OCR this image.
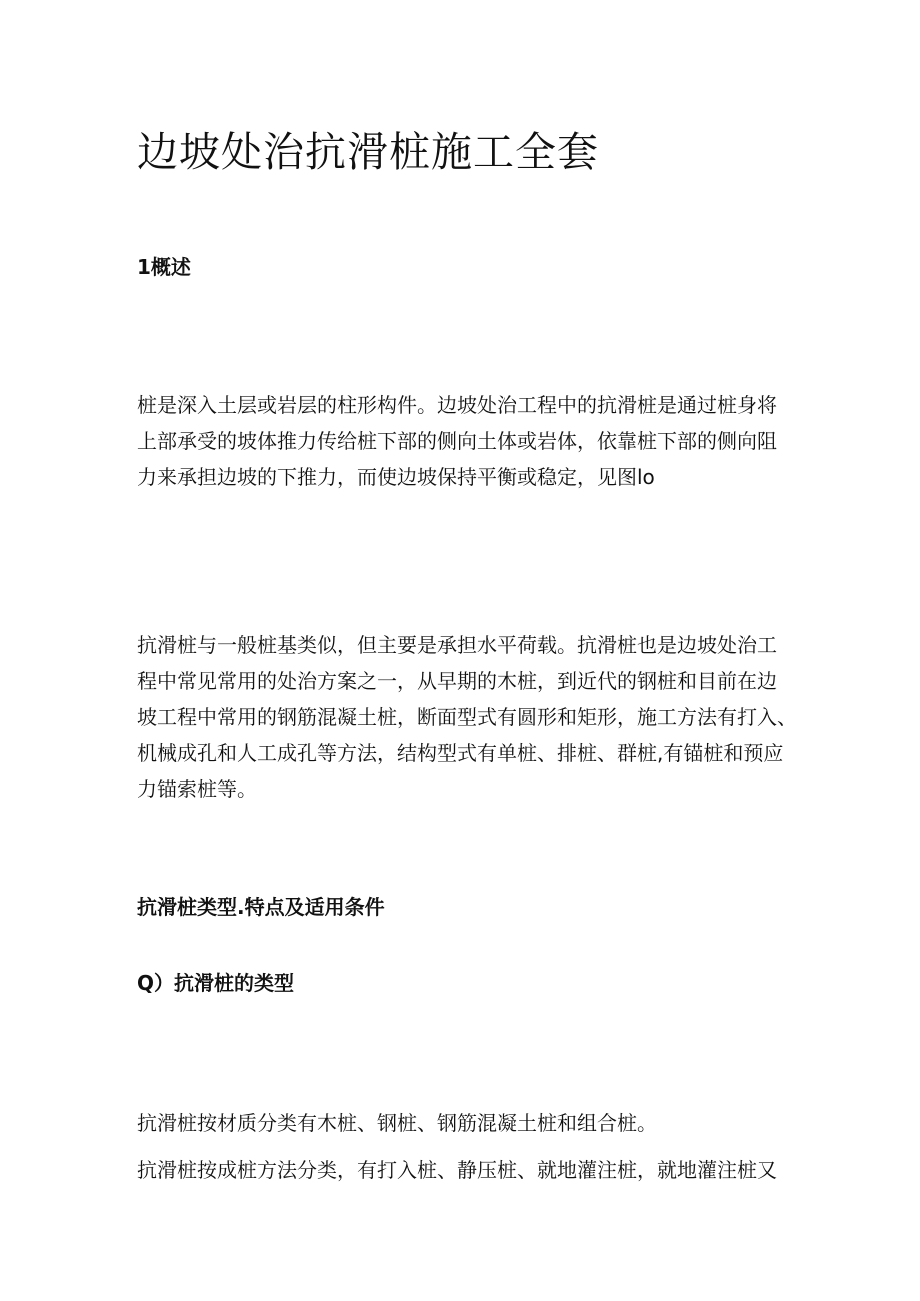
边坡处治抗滑桩施工全套
1概述

桩是深入土层或岩层的柱形构件。边坡处治工程中的抗滑桩是通过桩身将
上部承受的坡体推力传给桩下部的侧向土体或岩体，依靠桩下部的侧向阻
力来承担边坡的下推力，而使边坡保持平衡或稳定，见图lo

抗滑桩与一般桩基类似，但主要是承担水平荷载。抗滑桩也是边坡处治工
程中常见常用的处治方案之一，从早期的木桩，到近代的钢桩和目前在边
坡工程中常用的钢筋混凝土桩，断面型式有圆形和矩形，施工方法有打入、
机械成孔和人工成孔等方法，结构型式有单桩、排桩、群桩,有锚桩和预应
力锚索桩等。

抗滑桩类型.特点及适用条件
Q）抗滑桩的类型

抗滑桩按材质分类有木桩、钢桩、钢筋混凝土桩和组合桩。

抗滑桩按成桩方法分类，有打入桩、静压桩、就地灌注桩，就地灌注桩又
